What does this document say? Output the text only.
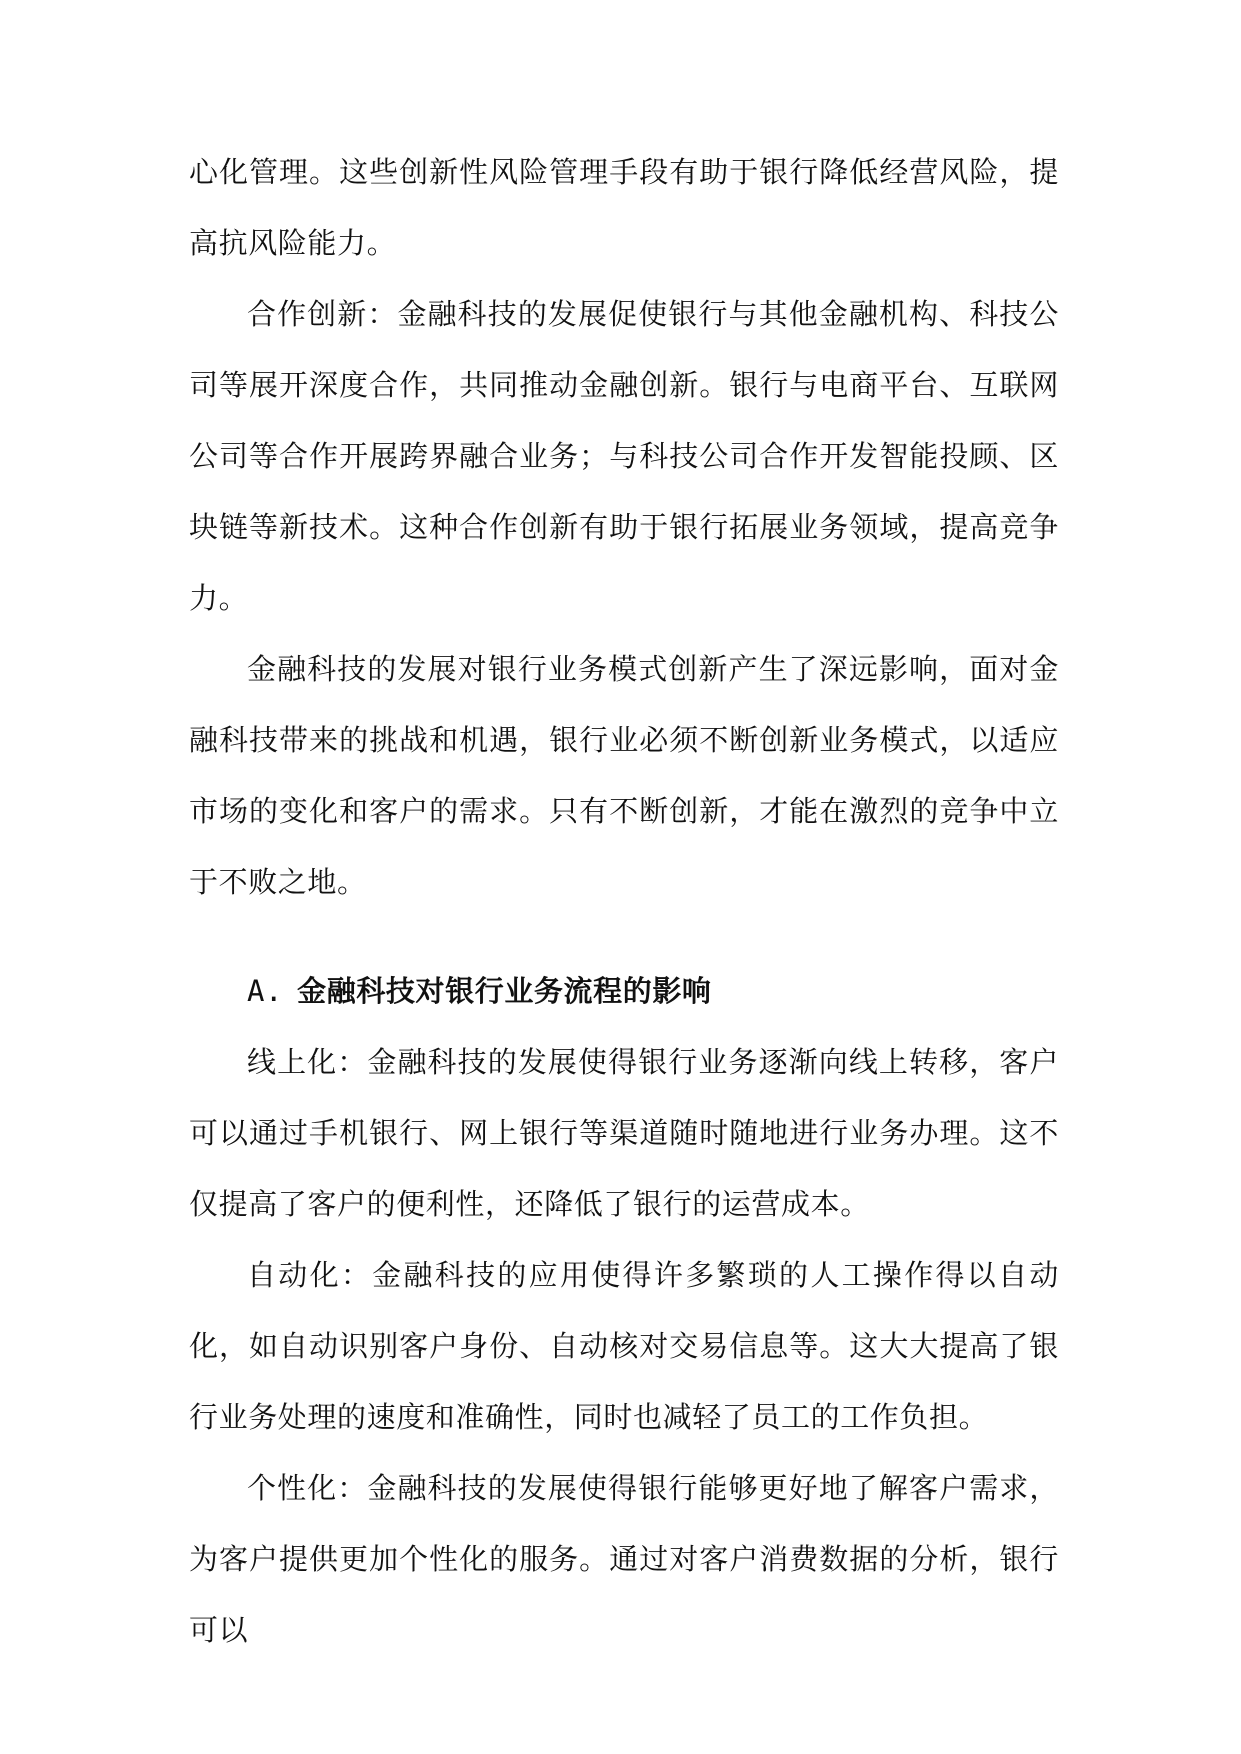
心化管理。这些创新性风险管理手段有助于银行降低经营风险，提高抗风险能力。

合作创新：金融科技的发展促使银行与其他金融机构、科技公司等展开深度合作，共同推动金融创新。银行与电商平台、互联网公司等合作开展跨界融合业务；与科技公司合作开发智能投顾、区块链等新技术。这种合作创新有助于银行拓展业务领域，提高竞争力。

金融科技的发展对银行业务模式创新产生了深远影响，面对金融科技带来的挑战和机遇，银行业必须不断创新业务模式，以适应市场的变化和客户的需求。只有不断创新，才能在激烈的竞争中立于不败之地。

A. 金融科技对银行业务流程的影响

线上化：金融科技的发展使得银行业务逐渐向线上转移，客户可以通过手机银行、网上银行等渠道随时随地进行业务办理。这不仅提高了客户的便利性，还降低了银行的运营成本。

自动化：金融科技的应用使得许多繁琐的人工操作得以自动化，如自动识别客户身份、自动核对交易信息等。这大大提高了银行业务处理的速度和准确性，同时也减轻了员工的工作负担。

个性化：金融科技的发展使得银行能够更好地了解客户需求，为客户提供更加个性化的服务。通过对客户消费数据的分析，银行可以
